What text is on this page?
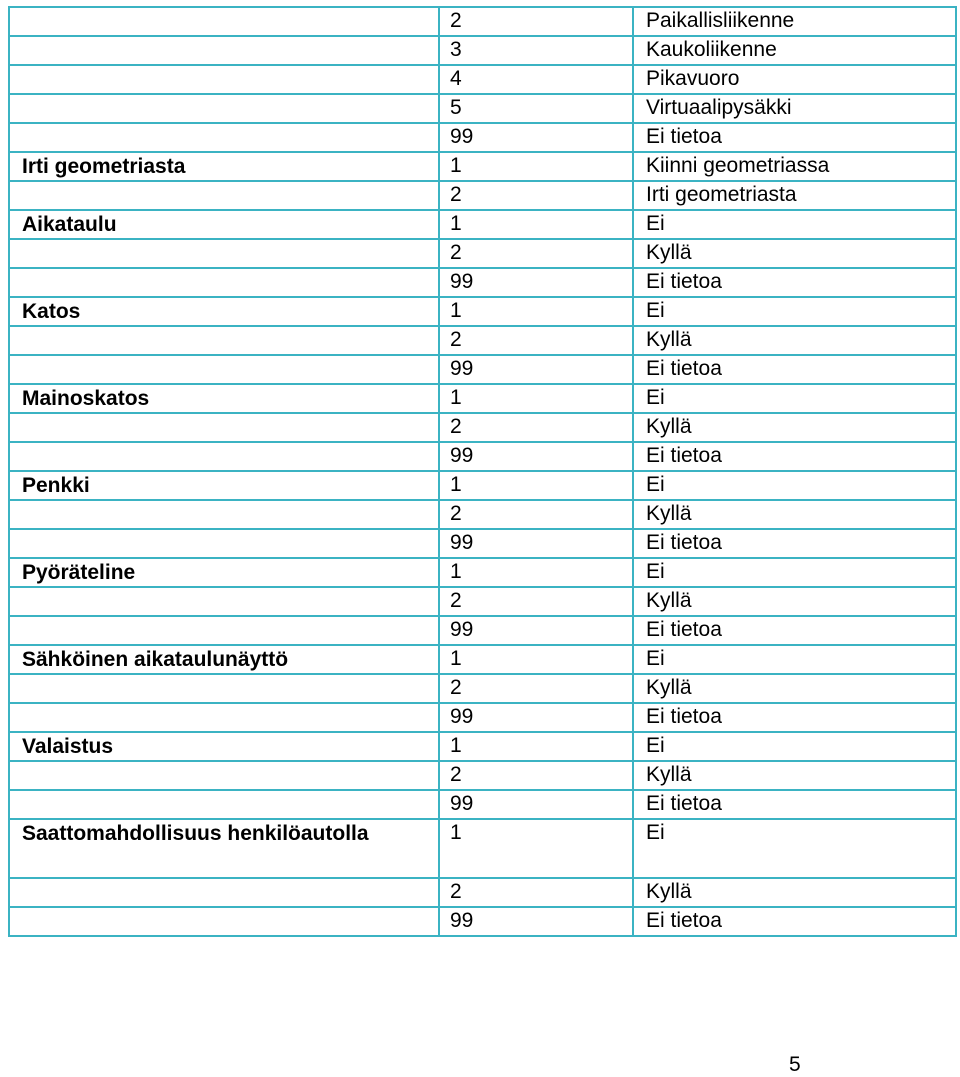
	2	Paikallisliikenne
	3	Kaukoliikenne
	4	Pikavuoro
	5	Virtuaalipysäkki
	99	Ei tietoa
Irti geometriasta	1	Kiinni geometriassa
	2	Irti geometriasta
Aikataulu	1	Ei
	2	Kyllä
	99	Ei tietoa
Katos	1	Ei
	2	Kyllä
	99	Ei tietoa
Mainoskatos	1	Ei
	2	Kyllä
	99	Ei tietoa
Penkki	1	Ei
	2	Kyllä
	99	Ei tietoa
Pyöräteline	1	Ei
	2	Kyllä
	99	Ei tietoa
Sähköinen aikataulunäyttö	1	Ei
	2	Kyllä
	99	Ei tietoa
Valaistus	1	Ei
	2	Kyllä
	99	Ei tietoa
Saattomahdollisuus henkilöautolla	1	Ei
	2	Kyllä
	99	Ei tietoa
5
